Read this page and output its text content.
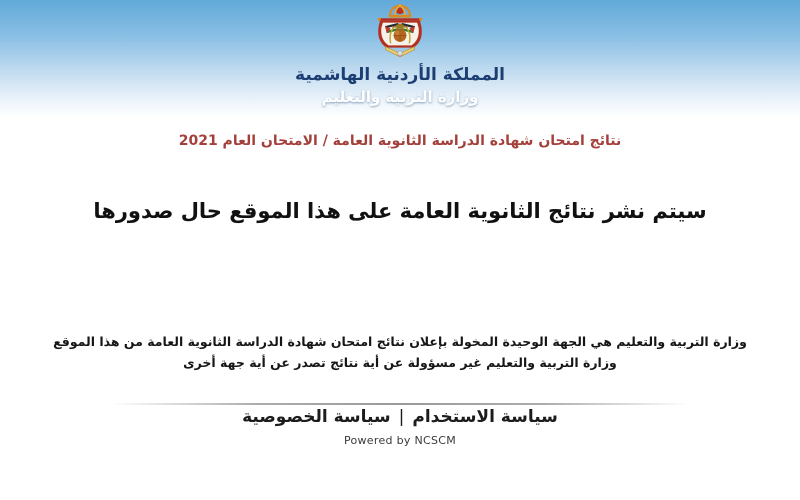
المملكة الأردنية الهاشمية
وزارة التربية والتعليم
نتائج امتحان شهادة الدراسة الثانوية العامة / الامتحان العام 2021
سيتم نشر نتائج الثانوية العامة على هذا الموقع حال صدورها
وزارة التربية والتعليم هي الجهة الوحيدة المخولة بإعلان نتائج امتحان شهادة الدراسة الثانوية العامة من هذا الموقع
وزارة التربية والتعليم غير مسؤولة عن أية نتائج تصدر عن أية جهة أخرى
سياسة الاستخدام|سياسة الخصوصية
Powered by NCSCM
